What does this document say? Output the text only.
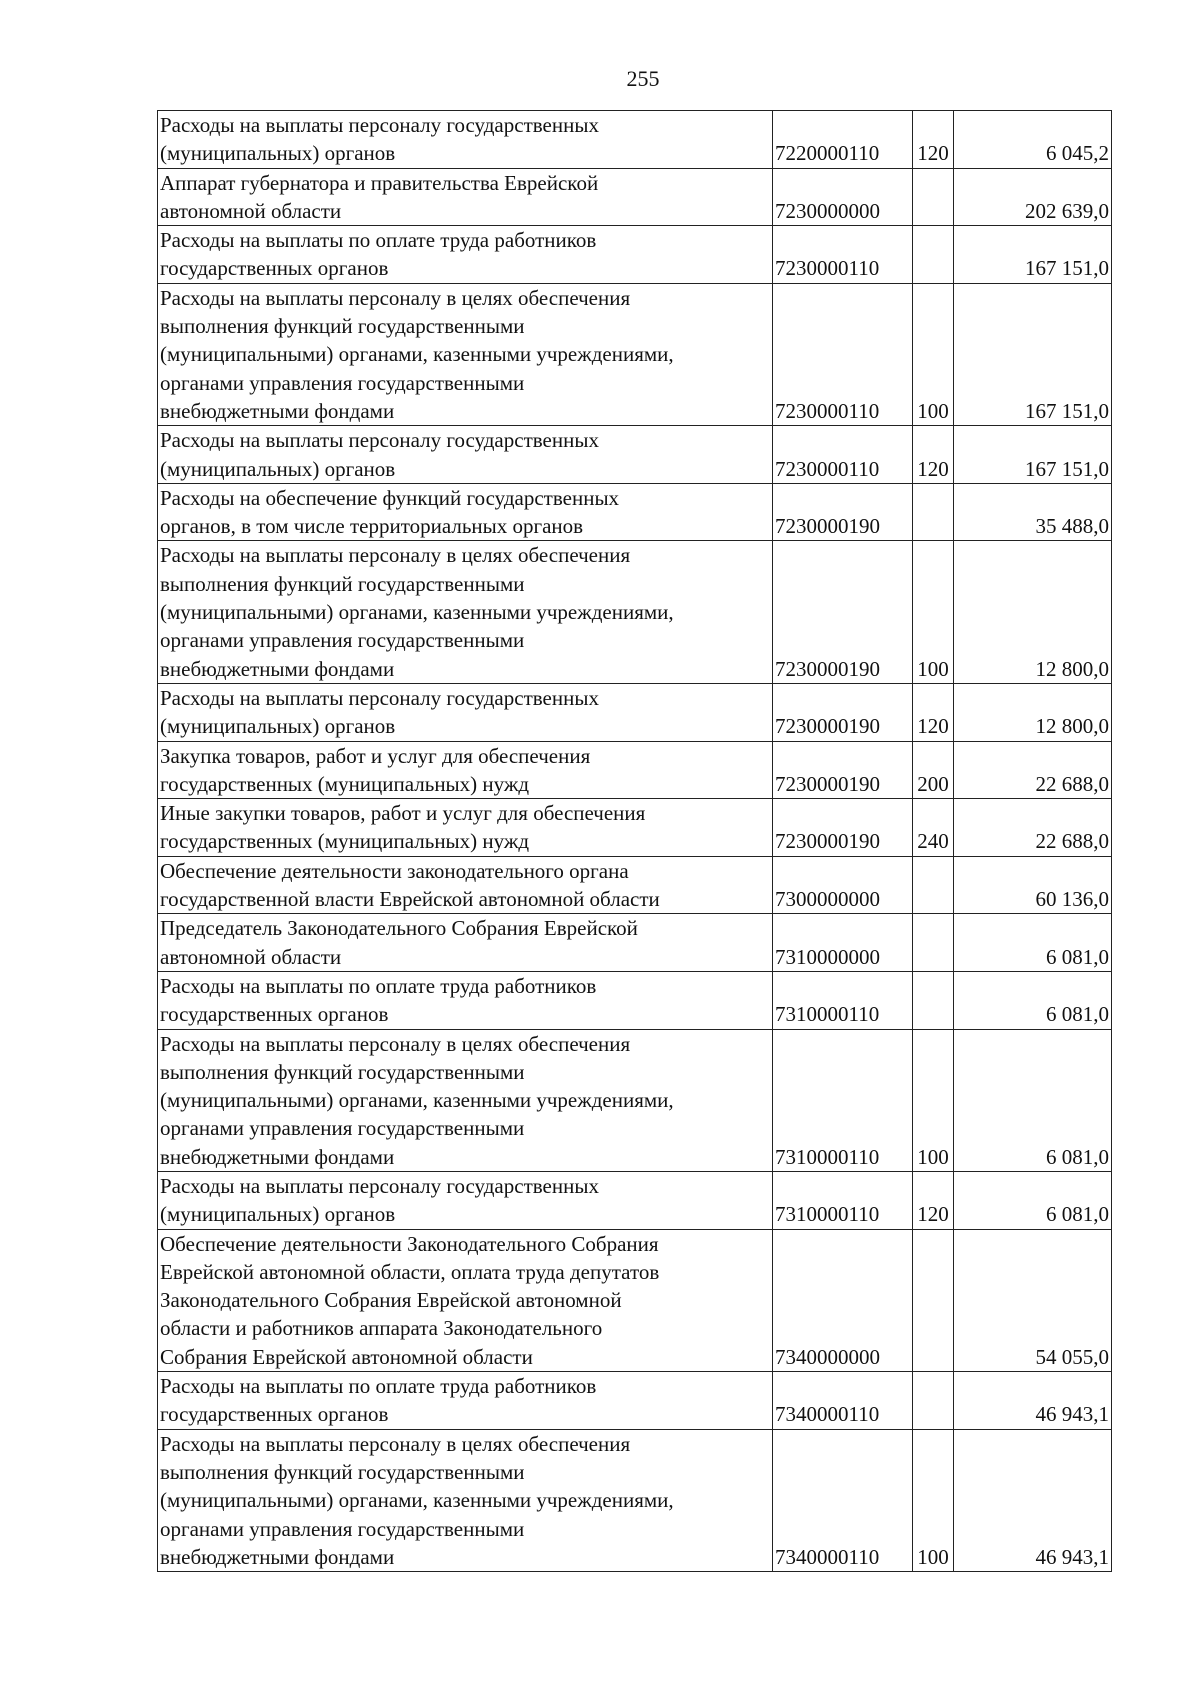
255
Расходы на выплаты персоналу государственных
(муниципальных) органов	7220000110	120	6 045,2

Аппарат губернатора и правительства Еврейской
автономной области	7230000000		202 639,0

Расходы на выплаты по оплате труда работников
государственных органов	7230000110		167 151,0

Расходы на выплаты персоналу в целях обеспечения
выполнения функций государственными
(муниципальными) органами, казенными учреждениями,
органами управления государственными
внебюджетными фондами	7230000110	100	167 151,0

Расходы на выплаты персоналу государственных
(муниципальных) органов	7230000110	120	167 151,0

Расходы на обеспечение функций государственных
органов, в том числе территориальных органов	7230000190		35 488,0

Расходы на выплаты персоналу в целях обеспечения
выполнения функций государственными
(муниципальными) органами, казенными учреждениями,
органами управления государственными
внебюджетными фондами	7230000190	100	12 800,0

Расходы на выплаты персоналу государственных
(муниципальных) органов	7230000190	120	12 800,0

Закупка товаров, работ и услуг для обеспечения
государственных (муниципальных) нужд	7230000190	200	22 688,0

Иные закупки товаров, работ и услуг для обеспечения
государственных (муниципальных) нужд	7230000190	240	22 688,0

Обеспечение деятельности законодательного органа
государственной власти Еврейской автономной области	7300000000		60 136,0

Председатель Законодательного Собрания Еврейской
автономной области	7310000000		6 081,0

Расходы на выплаты по оплате труда работников
государственных органов	7310000110		6 081,0

Расходы на выплаты персоналу в целях обеспечения
выполнения функций государственными
(муниципальными) органами, казенными учреждениями,
органами управления государственными
внебюджетными фондами	7310000110	100	6 081,0

Расходы на выплаты персоналу государственных
(муниципальных) органов	7310000110	120	6 081,0

Обеспечение деятельности Законодательного Собрания
Еврейской автономной области, оплата труда депутатов
Законодательного Собрания Еврейской автономной
области и работников аппарата Законодательного
Собрания Еврейской автономной области	7340000000		54 055,0

Расходы на выплаты по оплате труда работников
государственных органов	7340000110		46 943,1

Расходы на выплаты персоналу в целях обеспечения
выполнения функций государственными
(муниципальными) органами, казенными учреждениями,
органами управления государственными
внебюджетными фондами	7340000110	100	46 943,1
